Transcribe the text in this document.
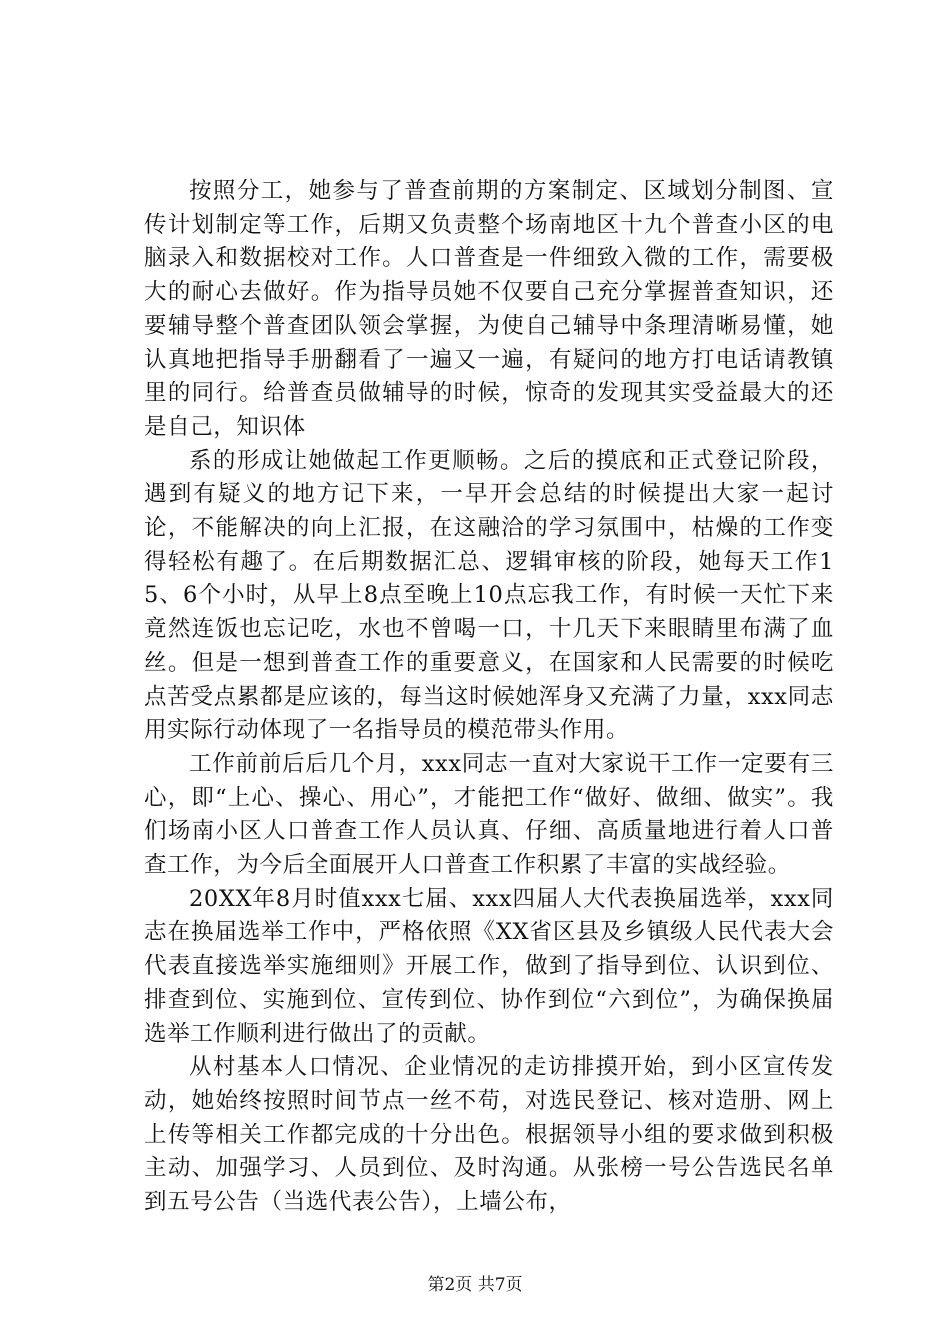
按照分工，她参与了普查前期的方案制定、区域划分制图、宣传计划制定等工作，后期又负责整个场南地区十九个普查小区的电脑录入和数据校对工作。人口普查是一件细致入微的工作，需要极大的耐心去做好。作为指导员她不仅要自己充分掌握普查知识，还要辅导整个普查团队领会掌握，为使自己辅导中条理清晰易懂，她认真地把指导手册翻看了一遍又一遍，有疑问的地方打电话请教镇里的同行。给普查员做辅导的时候，惊奇的发现其实受益最大的还是自己，知识体

系的形成让她做起工作更顺畅。之后的摸底和正式登记阶段，遇到有疑义的地方记下来，一早开会总结的时候提出大家一起讨论，不能解决的向上汇报，在这融洽的学习氛围中，枯燥的工作变得轻松有趣了。在后期数据汇总、逻辑审核的阶段，她每天工作15、6个小时，从早上8点至晚上10点忘我工作，有时候一天忙下来竟然连饭也忘记吃，水也不曾喝一口，十几天下来眼睛里布满了血丝。但是一想到普查工作的重要意义，在国家和人民需要的时候吃点苦受点累都是应该的，每当这时候她浑身又充满了力量，xxx同志用实际行动体现了一名指导员的模范带头作用。

工作前前后后几个月，xxx同志一直对大家说干工作一定要有三心，即“上心、操心、用心”，才能把工作“做好、做细、做实”。我们场南小区人口普查工作人员认真、仔细、高质量地进行着人口普查工作，为今后全面展开人口普查工作积累了丰富的实战经验。

20XX年8月时值xxx七届、xxx四届人大代表换届选举，xxx同志在换届选举工作中，严格依照《XX省区县及乡镇级人民代表大会代表直接选举实施细则》开展工作，做到了指导到位、认识到位、排查到位、实施到位、宣传到位、协作到位“六到位”，为确保换届选举工作顺利进行做出了的贡献。

从村基本人口情况、企业情况的走访排摸开始，到小区宣传发动，她始终按照时间节点一丝不苟，对选民登记、核对造册、网上上传等相关工作都完成的十分出色。根据领导小组的要求做到积极主动、加强学习、人员到位、及时沟通。从张榜一号公告选民名单到五号公告（当选代表公告），上墙公布，

第2页 共7页
